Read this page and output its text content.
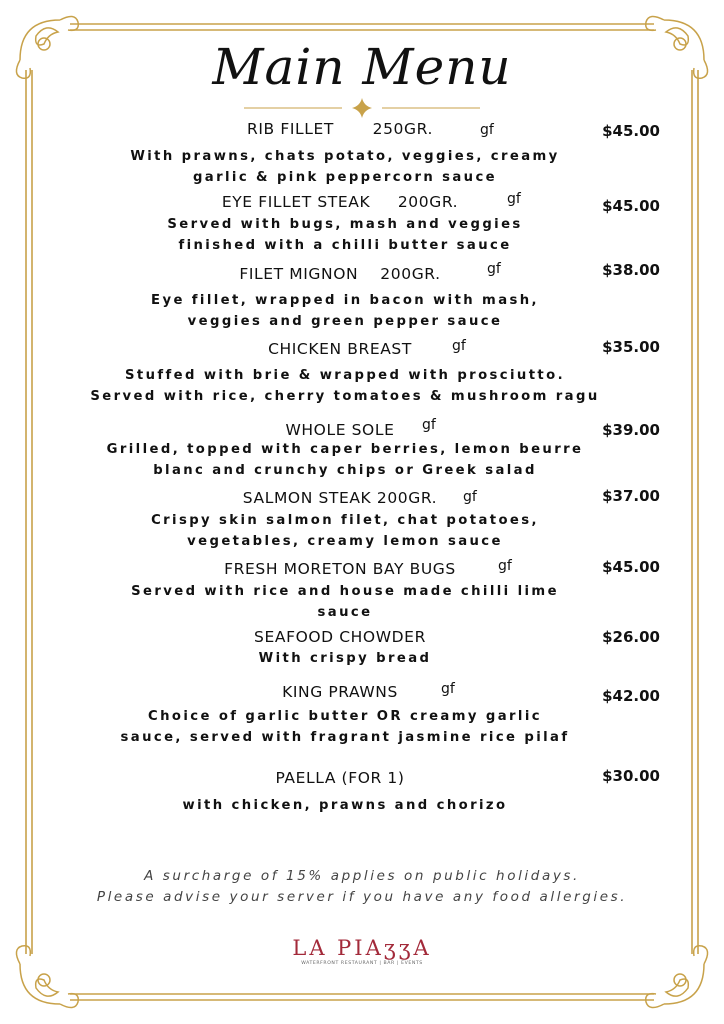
Main Menu
RIB FILLET       250GR.	gf	$45.00
With prawns, chats potato, veggies, creamy
garlic & pink peppercorn sauce
EYE FILLET STEAK     200GR.	gf	$45.00
Served with bugs, mash and veggies
finished with a chilli butter sauce
FILET MIGNON    200GR.	gf	$38.00
Eye fillet, wrapped in bacon with mash,
veggies and green pepper sauce
CHICKEN BREAST	gf	$35.00
Stuffed with brie & wrapped with prosciutto.
Served with rice, cherry tomatoes & mushroom ragu
WHOLE SOLE	gf	$39.00
Grilled, topped with caper berries, lemon beurre
blanc and crunchy chips or Greek salad
SALMON STEAK 200GR.	gf	$37.00
Crispy skin salmon filet, chat potatoes,
vegetables, creamy lemon sauce
FRESH MORETON BAY BUGS	gf	$45.00
Served with rice and house made chilli lime
sauce
SEAFOOD CHOWDER	$26.00
With crispy bread
KING PRAWNS	gf	$42.00
Choice of garlic butter OR creamy garlic
sauce, served with fragrant jasmine rice pilaf
PAELLA (FOR 1)	$30.00
with chicken, prawns and chorizo
A surcharge of 15% applies on public holidays.
Please advise your server if you have any food allergies.
LA PIAʒʒA
WATERFRONT RESTAURANT | BAR | EVENTS
